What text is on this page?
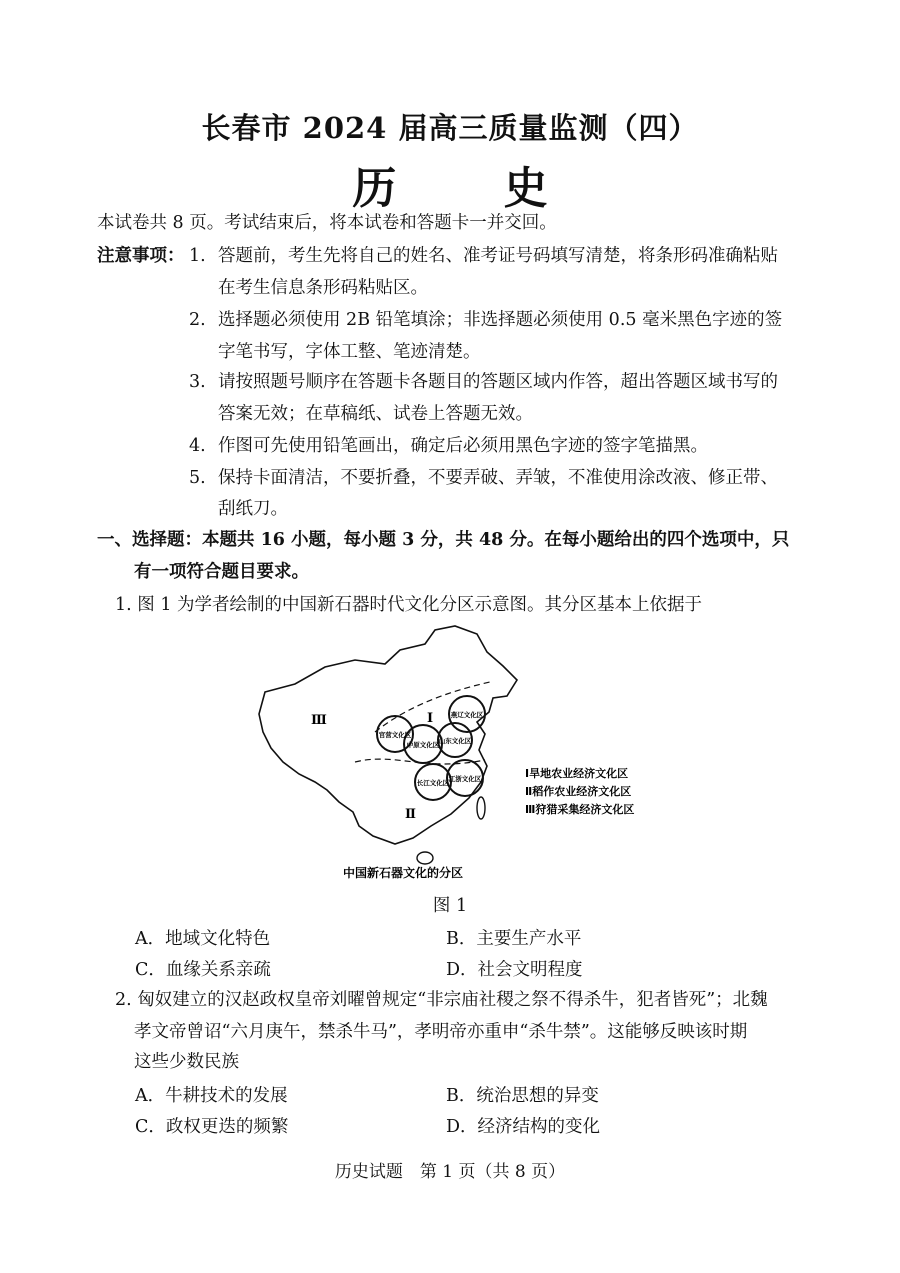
长春市 2024 届高三质量监测（四）
历 史
本试卷共 8 页。考试结束后，将本试卷和答题卡一并交回。
注意事项： 1. 答题前，考生先将自己的姓名、准考证号码填写清楚，将条形码准确粘贴
在考生信息条形码粘贴区。
2. 选择题必须使用 2B 铅笔填涂；非选择题必须使用 0.5 毫米黑色字迹的签
字笔书写，字体工整、笔迹清楚。
3. 请按照题号顺序在答题卡各题目的答题区域内作答，超出答题区域书写的
答案无效；在草稿纸、试卷上答题无效。
4. 作图可先使用铅笔画出，确定后必须用黑色字迹的签字笔描黑。
5. 保持卡面清洁，不要折叠，不要弄破、弄皱，不准使用涂改液、修正带、
刮纸刀。
一、选择题：本题共 16 小题，每小题 3 分，共 48 分。在每小题给出的四个选项中，只
有一项符合题目要求。
1. 图 1 为学者绘制的中国新石器时代文化分区示意图。其分区基本上依据于
官营文化区
中原文化区 山东文化区
燕辽文化区
长江文化区 江浙文化区
Ⅰ
Ⅱ
Ⅲ
Ⅰ旱地农业经济文化区
Ⅱ稻作农业经济文化区
Ⅲ狩猎采集经济文化区
中国新石器文化的分区
图 1
A．地域文化特色	B．主要生产水平
C．血缘关系亲疏	D．社会文明程度
2. 匈奴建立的汉赵政权皇帝刘曜曾规定“非宗庙社稷之祭不得杀牛，犯者皆死”；北魏
孝文帝曾诏“六月庚午，禁杀牛马”，孝明帝亦重申“杀牛禁”。这能够反映该时期
这些少数民族
A．牛耕技术的发展	B．统治思想的异变
C．政权更迭的频繁	D．经济结构的变化
历史试题　第 1 页（共 8 页）
